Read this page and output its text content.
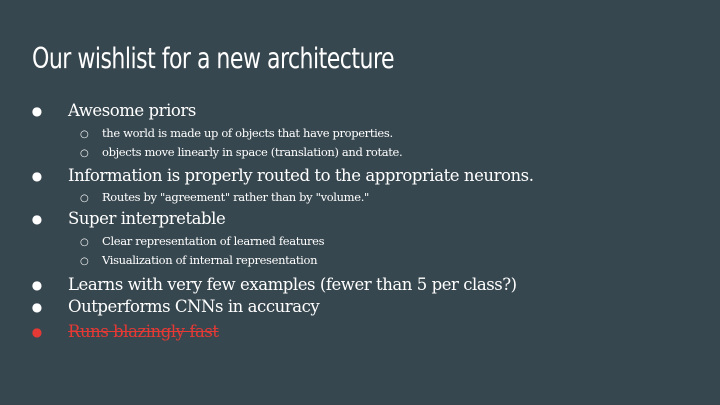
Our wishlist for a new architecture
● Awesome priors
○ the world is made up of objects that have properties.
○ objects move linearly in space (translation) and rotate.
● Information is properly routed to the appropriate neurons.
○ Routes by "agreement" rather than by "volume."
● Super interpretable
○ Clear representation of learned features
○ Visualization of internal representation
● Learns with very few examples (fewer than 5 per class?)
● Outperforms CNNs in accuracy
● Runs blazingly fast
